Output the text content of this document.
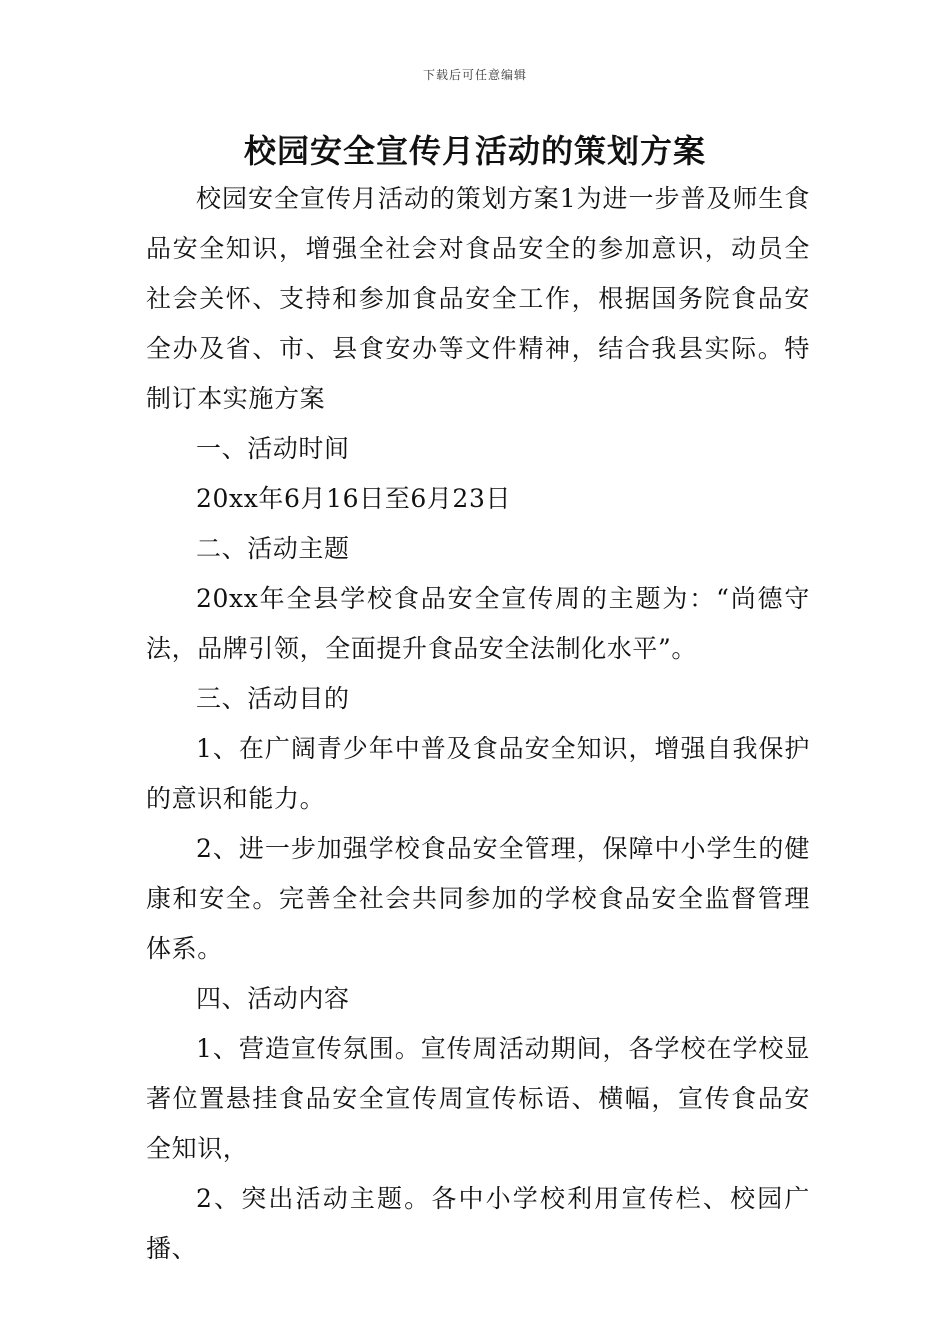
下载后可任意编辑
校园安全宣传月活动的策划方案

校园安全宣传月活动的策划方案1为进一步普及师生食品安全知识，增强全社会对食品安全的参加意识，动员全社会关怀、支持和参加食品安全工作，根据国务院食品安全办及省、市、县食安办等文件精神，结合我县实际。特制订本实施方案

一、活动时间

20xx年6月16日至6月23日

二、活动主题

20xx年全县学校食品安全宣传周的主题为：“尚德守法，品牌引领，全面提升食品安全法制化水平”。

三、活动目的

1、在广阔青少年中普及食品安全知识，增强自我保护的意识和能力。

2、进一步加强学校食品安全管理，保障中小学生的健康和安全。完善全社会共同参加的学校食品安全监督管理体系。

四、活动内容

1、营造宣传氛围。宣传周活动期间，各学校在学校显著位置悬挂食品安全宣传周宣传标语、横幅，宣传食品安全知识，

2、突出活动主题。各中小学校利用宣传栏、校园广播、
